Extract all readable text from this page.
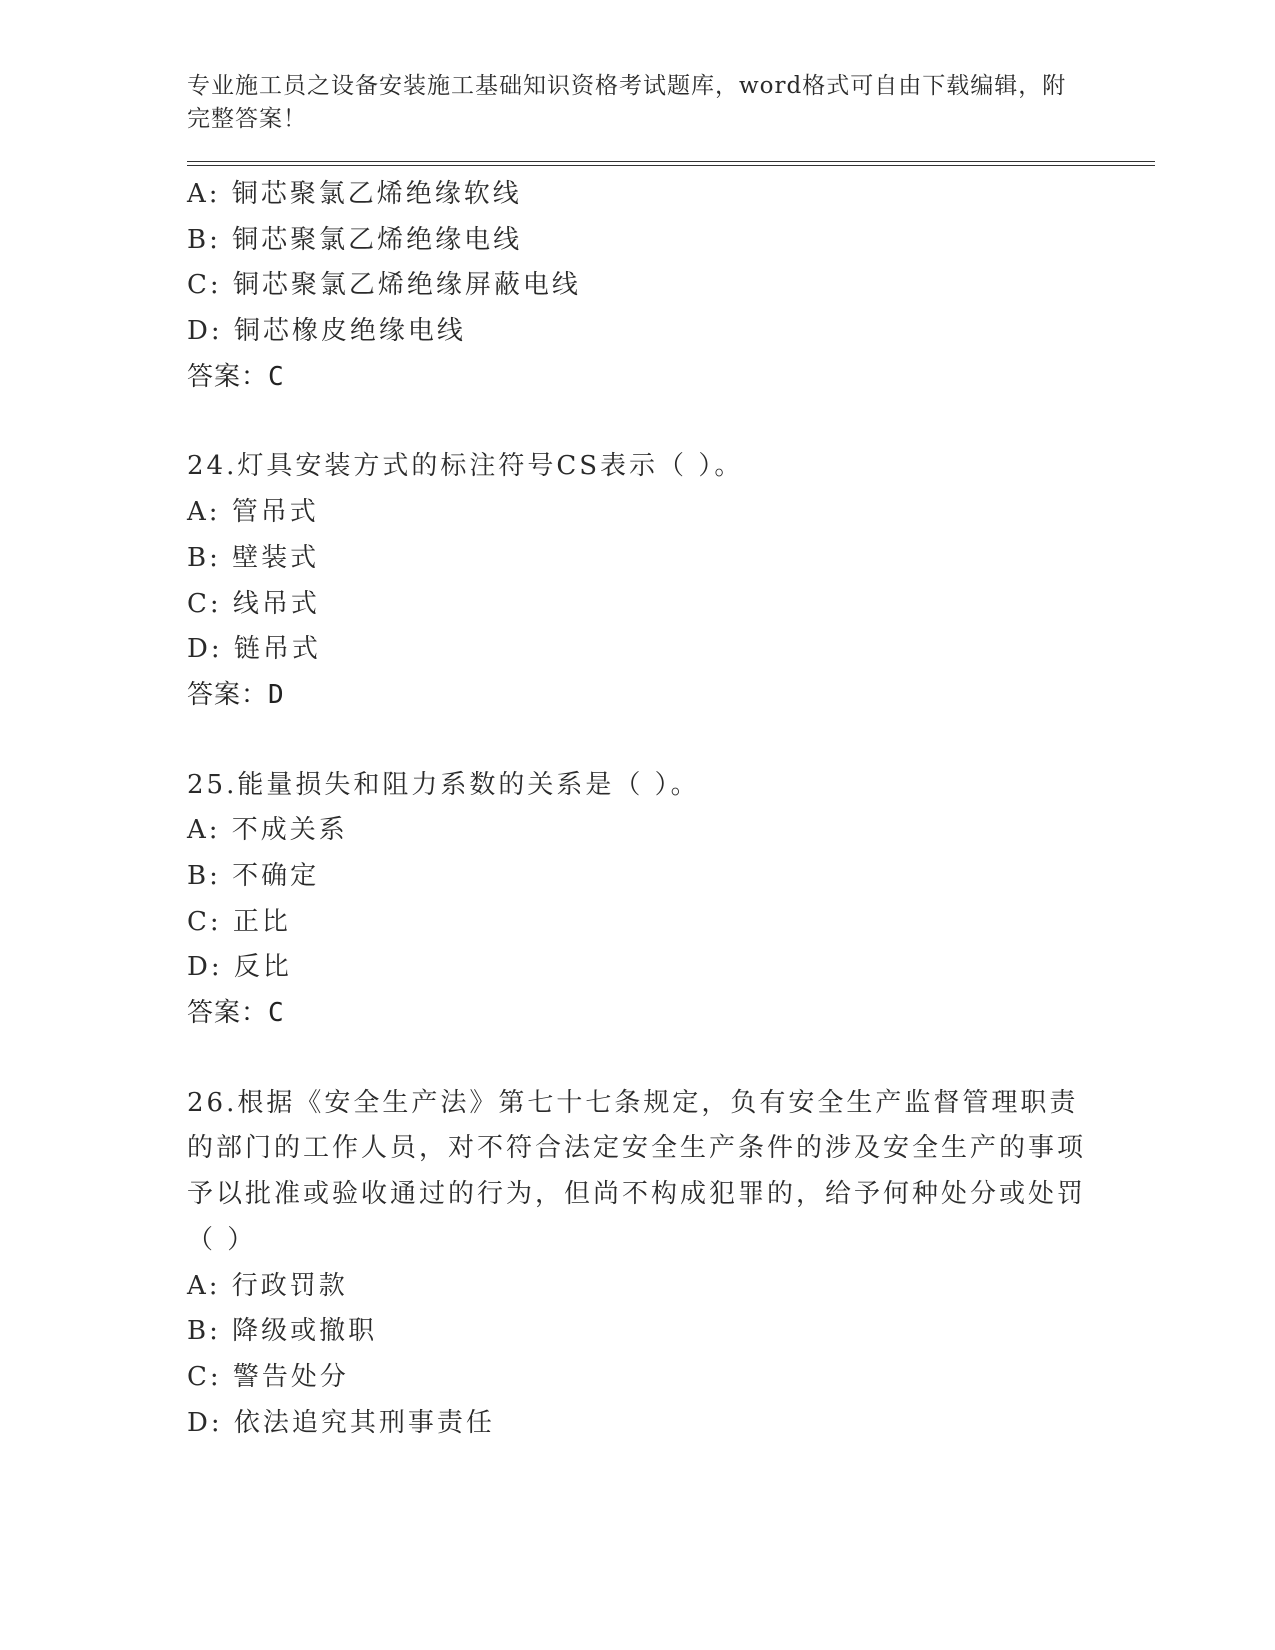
专业施工员之设备安装施工基础知识资格考试题库，word格式可自由下载编辑，附完整答案！

A: 铜芯聚氯乙烯绝缘软线
B: 铜芯聚氯乙烯绝缘电线
C: 铜芯聚氯乙烯绝缘屏蔽电线
D: 铜芯橡皮绝缘电线
答案：C
24.灯具安装方式的标注符号CS表示（ ）。
A: 管吊式
B: 壁装式
C: 线吊式
D: 链吊式
答案：D
25.能量损失和阻力系数的关系是（ ）。
A: 不成关系
B: 不确定
C: 正比
D: 反比
答案：C
26.根据《安全生产法》第七十七条规定，负有安全生产监督管理职责的部门的工作人员，对不符合法定安全生产条件的涉及安全生产的事项予以批准或验收通过的行为，但尚不构成犯罪的，给予何种处分或处罚（ ）
A: 行政罚款
B: 降级或撤职
C: 警告处分
D: 依法追究其刑事责任
